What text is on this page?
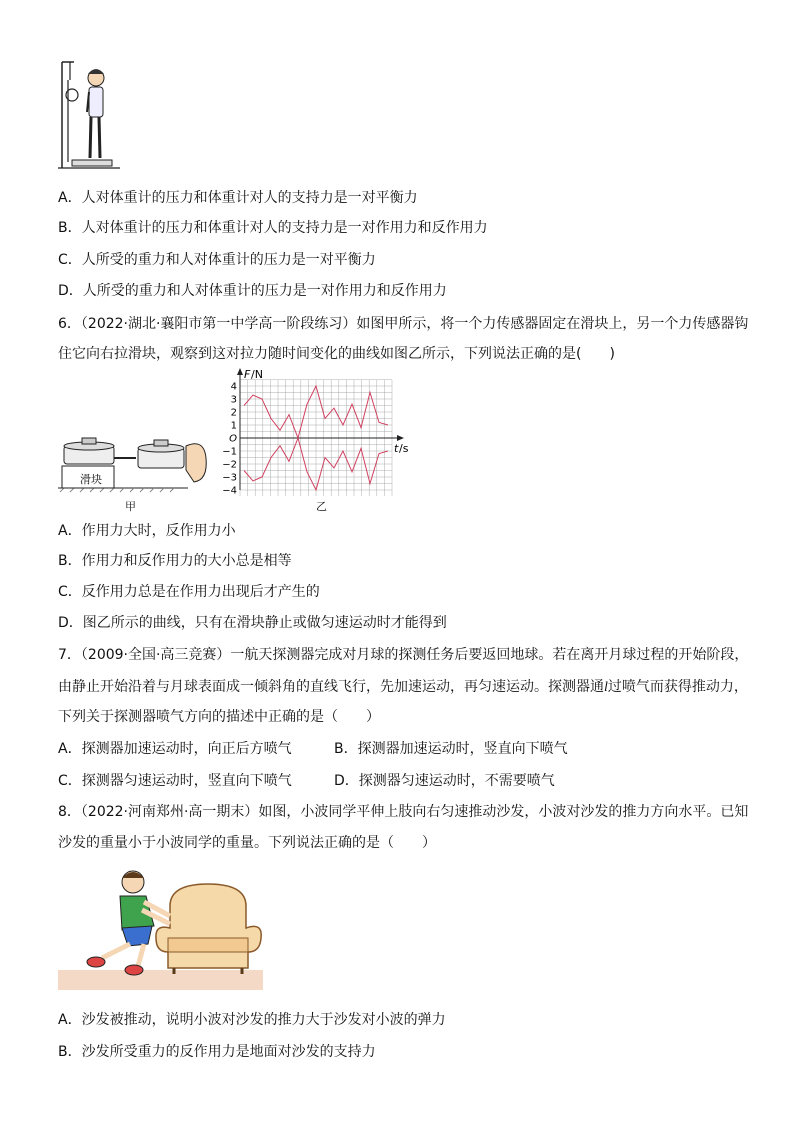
A．人对体重计的压力和体重计对人的支持力是一对平衡力
B．人对体重计的压力和体重计对人的支持力是一对作用力和反作用力
C．人所受的重力和人对体重计的压力是一对平衡力
D．人所受的重力和人对体重计的压力是一对作用力和反作用力
6．（2022·湖北·襄阳市第一中学高一阶段练习）如图甲所示，将一个力传感器固定在滑块上，另一个力传感器钩
住它向右拉滑块，观察到这对拉力随时间变化的曲线如图乙所示，下列说法正确的是(　　)
滑块
甲
4
3
2
1
O
−1
−2
−3
−4
F /N
t /s
乙
A．作用力大时，反作用力小
B．作用力和反作用力的大小总是相等
C．反作用力总是在作用力出现后才产生的
D．图乙所示的曲线，只有在滑块静止或做匀速运动时才能得到
7．（2009·全国·高三竞赛）一航天探测器完成对月球的探测任务后要返回地球。若在离开月球过程的开始阶段，
由静止开始沿着与月球表面成一倾斜角的直线飞行，先加速运动，再匀速运动。探测器通l过喷气而获得推动力，
下列关于探测器喷气方向的描述中正确的是（　　）
A．探测器加速运动时，向正后方喷气	B．探测器加速运动时，竖直向下喷气
C．探测器匀速运动时，竖直向下喷气	D．探测器匀速运动时，不需要喷气
8．（2022·河南郑州·高一期末）如图，小波同学平伸上肢向右匀速推动沙发，小波对沙发的推力方向水平。已知
沙发的重量小于小波同学的重量。下列说法正确的是（　　）
A．沙发被推动，说明小波对沙发的推力大于沙发对小波的弹力
B．沙发所受重力的反作用力是地面对沙发的支持力
